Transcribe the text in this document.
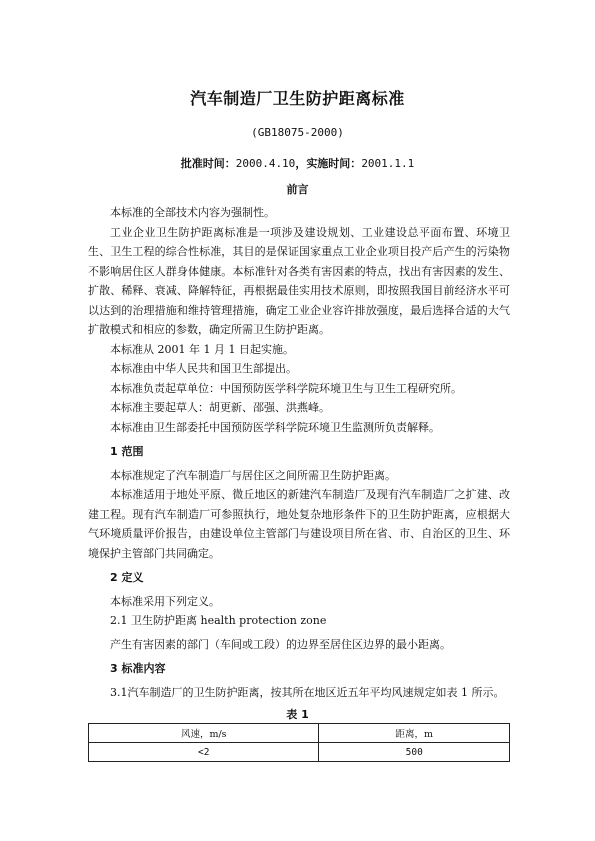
汽车制造厂卫生防护距离标准
(GB18075-2000)
批准时间：2000.4.10，实施时间：2001.1.1
前言

本标准的全部技术内容为强制性。

工业企业卫生防护距离标准是一项涉及建设规划、工业建设总平面布置、环境卫生、卫生工程的综合性标准，其目的是保证国家重点工业企业项目投产后产生的污染物不影响居住区人群身体健康。本标准针对各类有害因素的特点，找出有害因素的发生、扩散、稀释、衰减、降解特征，再根据最佳实用技术原则，即按照我国目前经济水平可以达到的治理措施和维持管理措施，确定工业企业容许排放强度，最后选择合适的大气扩散模式和相应的参数，确定所需卫生防护距离。

本标准从 2001 年 1 月 1 日起实施。

本标准由中华人民共和国卫生部提出。

本标准负责起草单位：中国预防医学科学院环境卫生与卫生工程研究所。

本标准主要起草人：胡更新、邵强、洪燕峰。

本标准由卫生部委托中国预防医学科学院环境卫生监测所负责解释。

1 范围

本标准规定了汽车制造厂与居住区之间所需卫生防护距离。

本标准适用于地处平原、微丘地区的新建汽车制造厂及现有汽车制造厂之扩建、改建工程。现有汽车制造厂可参照执行，地处复杂地形条件下的卫生防护距离，应根据大气环境质量评价报告，由建设单位主管部门与建设项目所在省、市、自治区的卫生、环境保护主管部门共同确定。

2 定义

本标准采用下列定义。

2.1 卫生防护距离 health protection zone

产生有害因素的部门（车间或工段）的边界至居住区边界的最小距离。

3 标准内容

3.1汽车制造厂的卫生防护距离，按其所在地区近五年平均风速规定如表 1 所示。

表 1
风速，m/s	距离，m
<2	500
